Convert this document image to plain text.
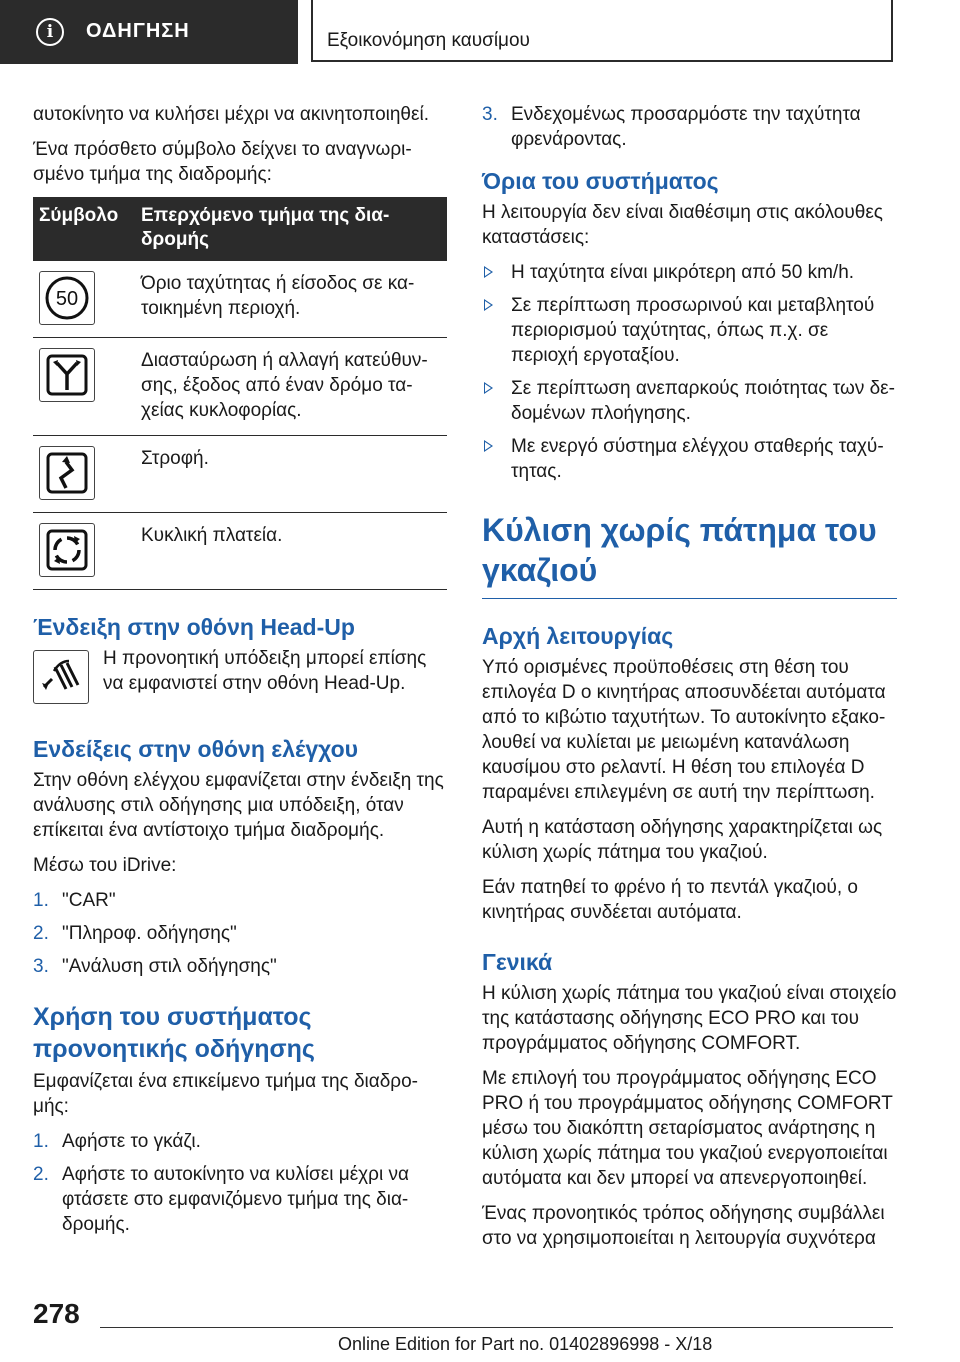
i	ΟΔΗΓΗΣΗ	Εξοικονόμηση καυσίμου

αυτοκίνητο να κυλήσει μέχρι να ακινητοποιηθεί.

Ένα πρόσθετο σύμβολο δείχνει το αναγνωρι-σμένο τμήμα της διαδρομής:

Σύμβολο	Επερχόμενο τμήμα της δια-δρομής

50	Όριο ταχύτητας ή είσοδος σε κα-τοικημένη περιοχή.

	Διασταύρωση ή αλλαγή κατεύθυν-σης, έξοδος από έναν δρόμο τα-χείας κυκλοφορίας.

	Στροφή.

	Κυκλική πλατεία.
Ένδειξη στην οθόνη Head-Up
Η προνοητική υπόδειξη μπορεί επίσης να εμφανιστεί στην οθόνη Head-Up.
Ενδείξεις στην οθόνη ελέγχου

Στην οθόνη ελέγχου εμφανίζεται στην ένδειξη της ανάλυσης στιλ οδήγησης μια υπόδειξη, όταν επίκειται ένα αντίστοιχο τμήμα διαδρομής.

Μέσω του iDrive:

1. "CAR"
2. "Πληροφ. οδήγησης"
3. "Ανάλυση στιλ οδήγησης"
Χρήση του συστήματος προνοητικής οδήγησης

Εμφανίζεται ένα επικείμενο τμήμα της διαδρο-μής:

1. Αφήστε το γκάζι.
2. Αφήστε το αυτοκίνητο να κυλίσει μέχρι να φτάσετε στο εμφανιζόμενο τμήμα της δια-δρομής.
3. Ενδεχομένως προσαρμόστε την ταχύτητα φρενάροντας.
Όρια του συστήματος

Η λειτουργία δεν είναι διαθέσιμη στις ακόλουθες καταστάσεις:

Η ταχύτητα είναι μικρότερη από 50 km/h.
Σε περίπτωση προσωρινού και μεταβλητού περιορισμού ταχύτητας, όπως π.χ. σε περιοχή εργοταξίου.
Σε περίπτωση ανεπαρκούς ποιότητας των δε-δομένων πλοήγησης.
Με ενεργό σύστημα ελέγχου σταθερής ταχύ-τητας.
Κύλιση χωρίς πάτημα του γκαζιού
Αρχή λειτουργίας

Υπό ορισμένες προϋποθέσεις στη θέση του επιλογέα D ο κινητήρας αποσυνδέεται αυτόματα από το κιβώτιο ταχυτήτων. Το αυτοκίνητο εξακο-λουθεί να κυλίεται με μειωμένη κατανάλωση καυσίμου στο ρελαντί. Η θέση του επιλογέα D παραμένει επιλεγμένη σε αυτή την περίπτωση.

Αυτή η κατάσταση οδήγησης χαρακτηρίζεται ως κύλιση χωρίς πάτημα του γκαζιού.

Εάν πατηθεί το φρένο ή το πεντάλ γκαζιού, ο κινητήρας συνδέεται αυτόματα.

Γενικά

Η κύλιση χωρίς πάτημα του γκαζιού είναι στοιχείο της κατάστασης οδήγησης ECO PRO και του προγράμματος οδήγησης COMFORT.

Με επιλογή του προγράμματος οδήγησης ECO PRO ή του προγράμματος οδήγησης COMFORT μέσω του διακόπτη σεταρίσματος ανάρτησης η κύλιση χωρίς πάτημα του γκαζιού ενεργοποιείται αυτόματα και δεν μπορεί να απενεργοποιηθεί.

Ένας προνοητικός τρόπος οδήγησης συμβάλλει στο να χρησιμοποιείται η λειτουργία συχνότερα

278
Online Edition for Part no. 01402896998 - X/18
